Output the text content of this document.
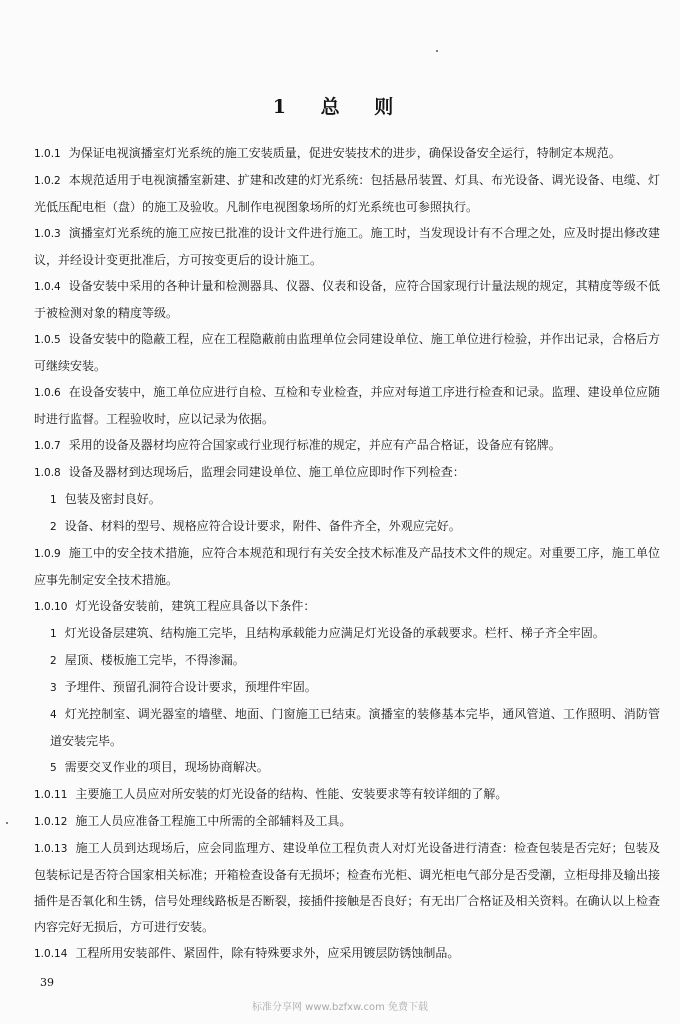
1 总 则
1.0.1 为保证电视演播室灯光系统的施工安装质量，促进安装技术的进步，确保设备安全运行，特制定本规范。
1.0.2 本规范适用于电视演播室新建、扩建和改建的灯光系统：包括悬吊装置、灯具、布光设备、调光设备、电缆、灯光低压配电柜（盘）的施工及验收。凡制作电视图象场所的灯光系统也可参照执行。
1.0.3 演播室灯光系统的施工应按已批准的设计文件进行施工。施工时，当发现设计有不合理之处，应及时提出修改建议，并经设计变更批准后，方可按变更后的设计施工。
1.0.4 设备安装中采用的各种计量和检测器具、仪器、仪表和设备，应符合国家现行计量法规的规定，其精度等级不低于被检测对象的精度等级。
1.0.5 设备安装中的隐蔽工程，应在工程隐蔽前由监理单位会同建设单位、施工单位进行检验，并作出记录，合格后方可继续安装。
1.0.6 在设备安装中，施工单位应进行自检、互检和专业检查，并应对每道工序进行检查和记录。监理、建设单位应随时进行监督。工程验收时，应以记录为依据。
1.0.7 采用的设备及器材均应符合国家或行业现行标准的规定，并应有产品合格证，设备应有铭牌。
1.0.8 设备及器材到达现场后，监理会同建设单位、施工单位应即时作下列检查：
1 包装及密封良好。
2 设备、材料的型号、规格应符合设计要求，附件、备件齐全，外观应完好。
1.0.9 施工中的安全技术措施，应符合本规范和现行有关安全技术标准及产品技术文件的规定。对重要工序，施工单位应事先制定安全技术措施。
1.0.10 灯光设备安装前，建筑工程应具备以下条件：
1 灯光设备层建筑、结构施工完毕，且结构承载能力应满足灯光设备的承载要求。栏杆、梯子齐全牢固。
2 屋顶、楼板施工完毕，不得渗漏。
3 予埋件、预留孔洞符合设计要求，预埋件牢固。
4 灯光控制室、调光器室的墙壁、地面、门窗施工已结束。演播室的装修基本完毕，通风管道、工作照明、消防管道安装完毕。
5 需要交叉作业的项目，现场协商解决。
1.0.11 主要施工人员应对所安装的灯光设备的结构、性能、安装要求等有较详细的了解。
1.0.12 施工人员应准备工程施工中所需的全部辅料及工具。
1.0.13 施工人员到达现场后，应会同监理方、建设单位工程负责人对灯光设备进行清查：检查包装是否完好；包装及包装标记是否符合国家相关标准；开箱检查设备有无损坏；检查布光柜、调光柜电气部分是否受潮，立柜母排及输出接插件是否氧化和生锈，信号处理线路板是否断裂，接插件接触是否良好；有无出厂合格证及相关资料。在确认以上检查内容完好无损后，方可进行安装。
1.0.14 工程所用安装部件、紧固件，除有特殊要求外，应采用镀层防锈蚀制品。
39
标准分享网 www.bzfxw.com 免费下载
